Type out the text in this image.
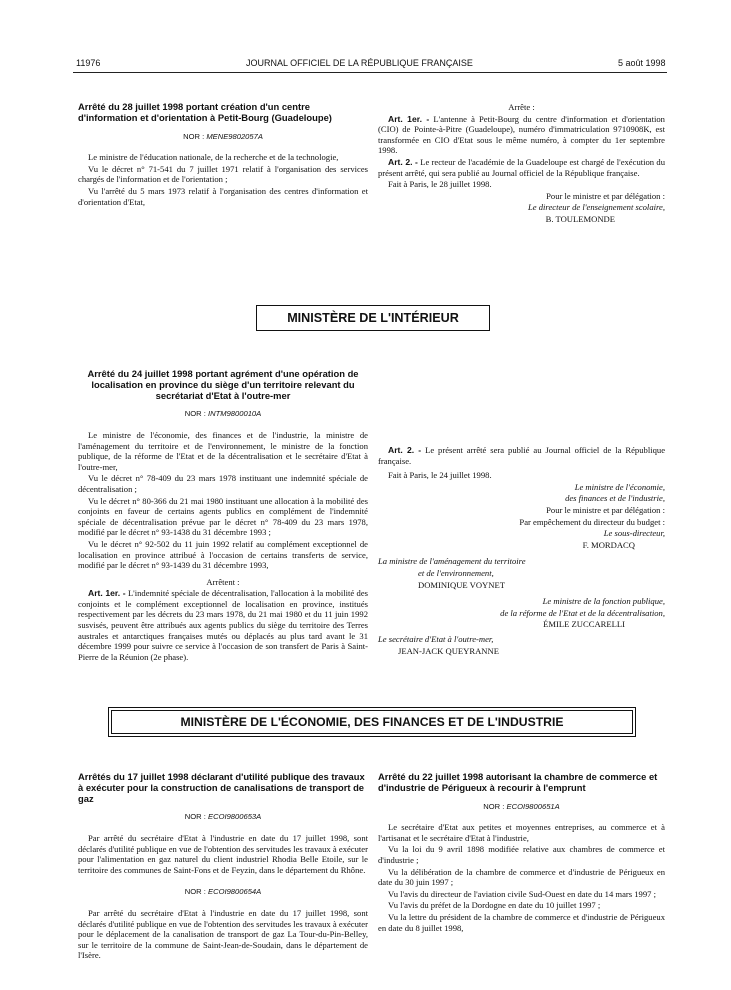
11976	JOURNAL OFFICIEL DE LA RÉPUBLIQUE FRANÇAISE	5 août 1998
Arrêté du 28 juillet 1998 portant création d'un centre d'information et d'orientation à Petit-Bourg (Guadeloupe)
NOR : MENE9802057A

Le ministre de l'éducation nationale, de la recherche et de la technologie,

Vu le décret n° 71-541 du 7 juillet 1971 relatif à l'organisation des services chargés de l'information et de l'orientation ;

Vu l'arrêté du 5 mars 1973 relatif à l'organisation des centres d'information et d'orientation d'Etat,

Arrête :

Art. 1er. - L'antenne à Petit-Bourg du centre d'information et d'orientation (CIO) de Pointe-à-Pitre (Guadeloupe), numéro d'immatriculation 9710908K, est transformée en CIO d'Etat sous le même numéro, à compter du 1er septembre 1998.

Art. 2. - Le recteur de l'académie de la Guadeloupe est chargé de l'exécution du présent arrêté, qui sera publié au Journal officiel de la République française.

Fait à Paris, le 28 juillet 1998.

Pour le ministre et par délégation :

Le directeur de l'enseignement scolaire,

B. TOULEMONDE

MINISTÈRE DE L'INTÉRIEUR
Arrêté du 24 juillet 1998 portant agrément d'une opération de localisation en province du siège d'un territoire relevant du secrétariat d'Etat à l'outre-mer
NOR : INTM9800010A

Le ministre de l'économie, des finances et de l'industrie, la ministre de l'aménagement du territoire et de l'environnement, le ministre de la fonction publique, de la réforme de l'Etat et de la décentralisation et le secrétaire d'Etat à l'outre-mer,

Vu le décret n° 78-409 du 23 mars 1978 instituant une indemnité spéciale de décentralisation ;

Vu le décret n° 80-366 du 21 mai 1980 instituant une allocation à la mobilité des conjoints en faveur de certains agents publics en complément de l'indemnité spéciale de décentralisation prévue par le décret n° 78-409 du 23 mars 1978, modifié par le décret n° 93-1438 du 31 décembre 1993 ;

Vu le décret n° 92-502 du 11 juin 1992 relatif au complément exceptionnel de localisation en province attribué à l'occasion de certains transferts de service, modifié par le décret n° 93-1439 du 31 décembre 1993,

Arrêtent :

Art. 1er. - L'indemnité spéciale de décentralisation, l'allocation à la mobilité des conjoints et le complément exceptionnel de localisation en province, institués respectivement par les décrets du 23 mars 1978, du 21 mai 1980 et du 11 juin 1992 susvisés, peuvent être attribués aux agents publics du siège du territoire des Terres australes et antarctiques françaises mutés ou déplacés au plus tard avant le 31 décembre 1999 pour suivre ce service à l'occasion de son transfert de Paris à Saint-Pierre de la Réunion (2e phase).

Art. 2. - Le présent arrêté sera publié au Journal officiel de la République française.

Fait à Paris, le 24 juillet 1998.

Le ministre de l'économie,

des finances et de l'industrie,

Pour le ministre et par délégation :

Par empêchement du directeur du budget :

Le sous-directeur,

F. MORDACQ

La ministre de l'aménagement du territoire

et de l'environnement,

DOMINIQUE VOYNET

Le ministre de la fonction publique,

de la réforme de l'Etat et de la décentralisation,

ÉMILE ZUCCARELLI

Le secrétaire d'Etat à l'outre-mer,

JEAN-JACK QUEYRANNE

MINISTÈRE DE L'ÉCONOMIE, DES FINANCES ET DE L'INDUSTRIE
Arrêtés du 17 juillet 1998 déclarant d'utilité publique des travaux à exécuter pour la construction de canalisations de transport de gaz
NOR : ECOI9800653A

Par arrêté du secrétaire d'Etat à l'industrie en date du 17 juillet 1998, sont déclarés d'utilité publique en vue de l'obtention des servitudes les travaux à exécuter pour l'alimentation en gaz naturel du client industriel Rhodia Belle Etoile, sur le territoire des communes de Saint-Fons et de Feyzin, dans le département du Rhône.

NOR : ECOI9800654A

Par arrêté du secrétaire d'Etat à l'industrie en date du 17 juillet 1998, sont déclarés d'utilité publique en vue de l'obtention des servitudes les travaux à exécuter pour le déplacement de la canalisation de transport de gaz La Tour-du-Pin-Belley, sur le territoire de la commune de Saint-Jean-de-Soudain, dans le département de l'Isère.

Arrêté du 22 juillet 1998 autorisant la chambre de commerce et d'industrie de Périgueux à recourir à l'emprunt
NOR : ECOI9800651A

Le secrétaire d'Etat aux petites et moyennes entreprises, au commerce et à l'artisanat et le secrétaire d'Etat à l'industrie,

Vu la loi du 9 avril 1898 modifiée relative aux chambres de commerce et d'industrie ;

Vu la délibération de la chambre de commerce et d'industrie de Périgueux en date du 30 juin 1997 ;

Vu l'avis du directeur de l'aviation civile Sud-Ouest en date du 14 mars 1997 ;

Vu l'avis du préfet de la Dordogne en date du 10 juillet 1997 ;

Vu la lettre du président de la chambre de commerce et d'industrie de Périgueux en date du 8 juillet 1998,
